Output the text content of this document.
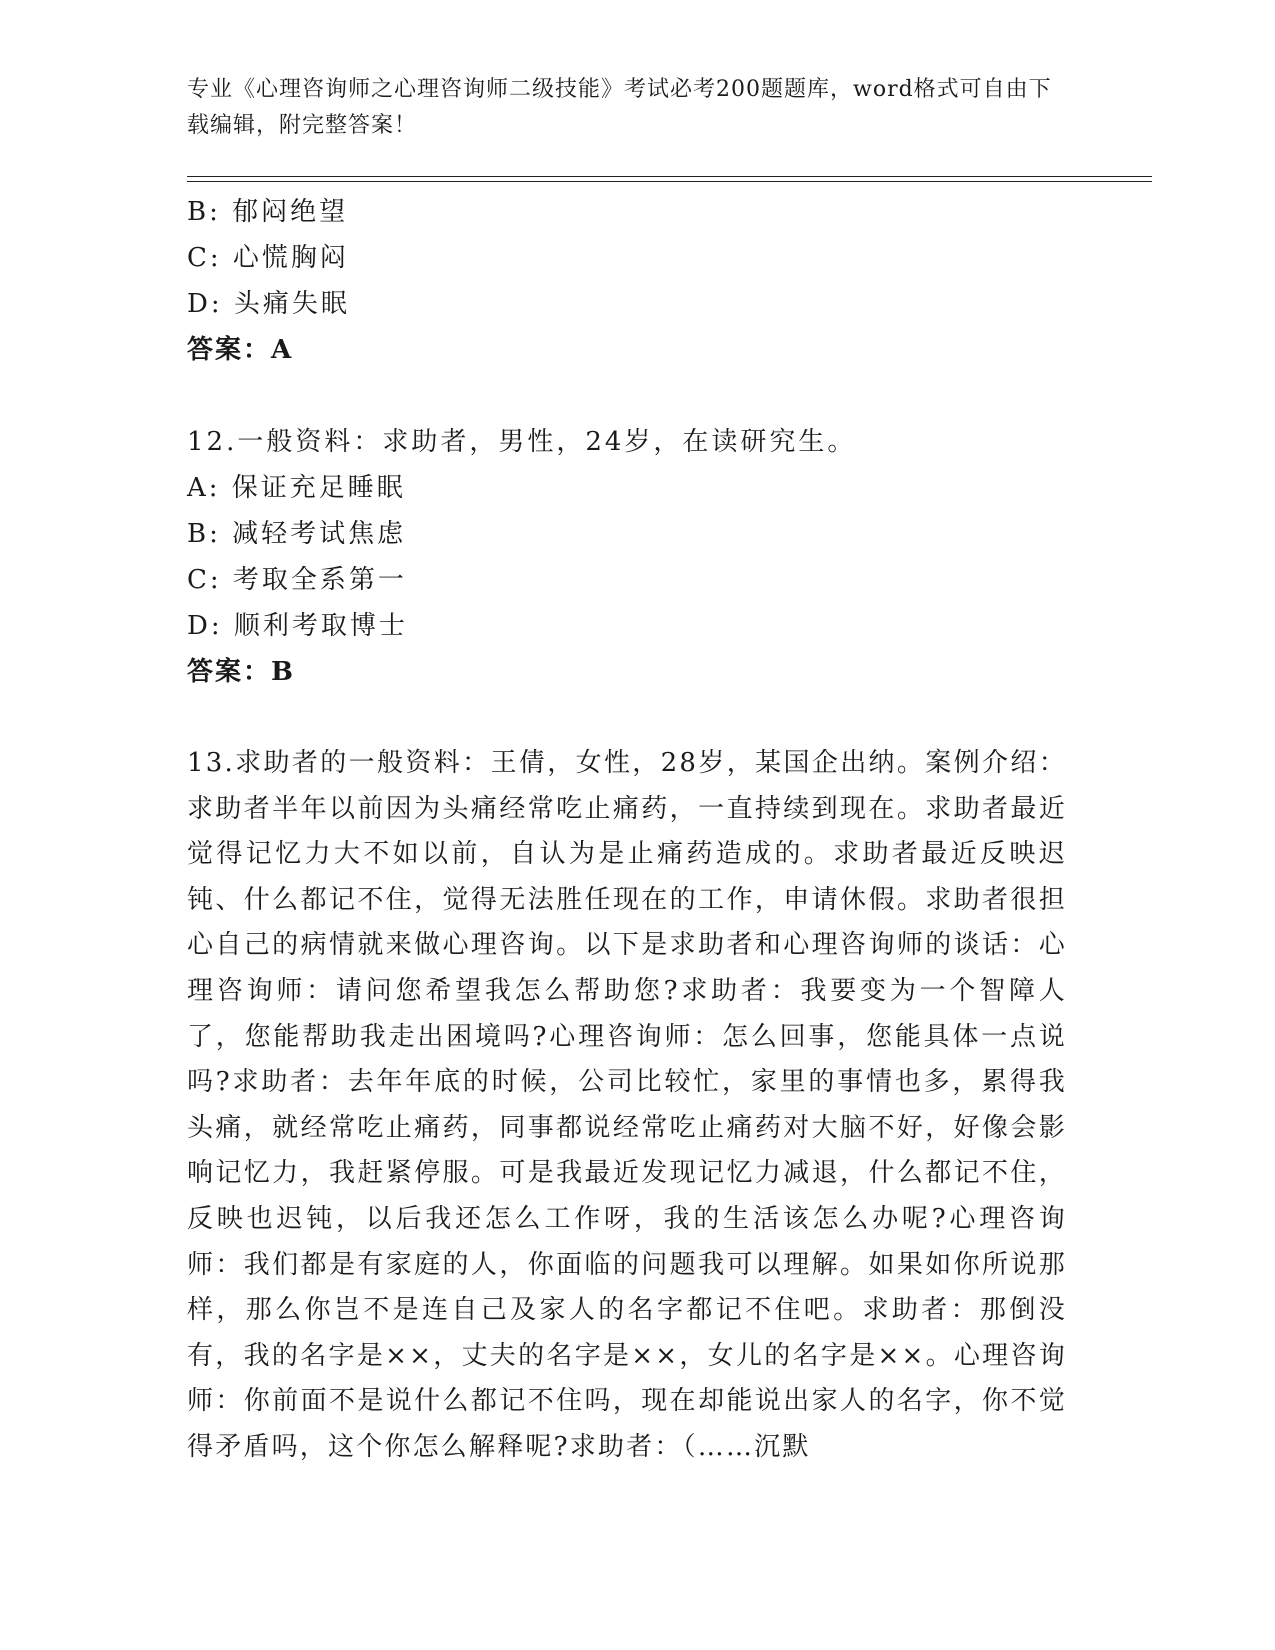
专业《心理咨询师之心理咨询师二级技能》考试必考200题题库，word格式可自由下载编辑，附完整答案！
B: 郁闷绝望
C: 心慌胸闷
D: 头痛失眠
答案：A
12.一般资料：求助者，男性，24岁，在读研究生。
A: 保证充足睡眠
B: 减轻考试焦虑
C: 考取全系第一
D: 顺利考取博士
答案：B

13.求助者的一般资料：王倩，女性，28岁，某国企出纳。案例介绍：求助者半年以前因为头痛经常吃止痛药，一直持续到现在。求助者最近觉得记忆力大不如以前，自认为是止痛药造成的。求助者最近反映迟钝、什么都记不住，觉得无法胜任现在的工作，申请休假。求助者很担心自己的病情就来做心理咨询。以下是求助者和心理咨询师的谈话：心理咨询师：请问您希望我怎么帮助您?求助者：我要变为一个智障人了，您能帮助我走出困境吗?心理咨询师：怎么回事，您能具体一点说吗?求助者：去年年底的时候，公司比较忙，家里的事情也多，累得我头痛，就经常吃止痛药，同事都说经常吃止痛药对大脑不好，好像会影响记忆力，我赶紧停服。可是我最近发现记忆力减退，什么都记不住，反映也迟钝，以后我还怎么工作呀，我的生活该怎么办呢?心理咨询师：我们都是有家庭的人，你面临的问题我可以理解。如果如你所说那样，那么你岂不是连自己及家人的名字都记不住吧。求助者：那倒没有，我的名字是××，丈夫的名字是××，女儿的名字是××。心理咨询师：你前面不是说什么都记不住吗，现在却能说出家人的名字，你不觉得矛盾吗，这个你怎么解释呢?求助者：（……沉默
